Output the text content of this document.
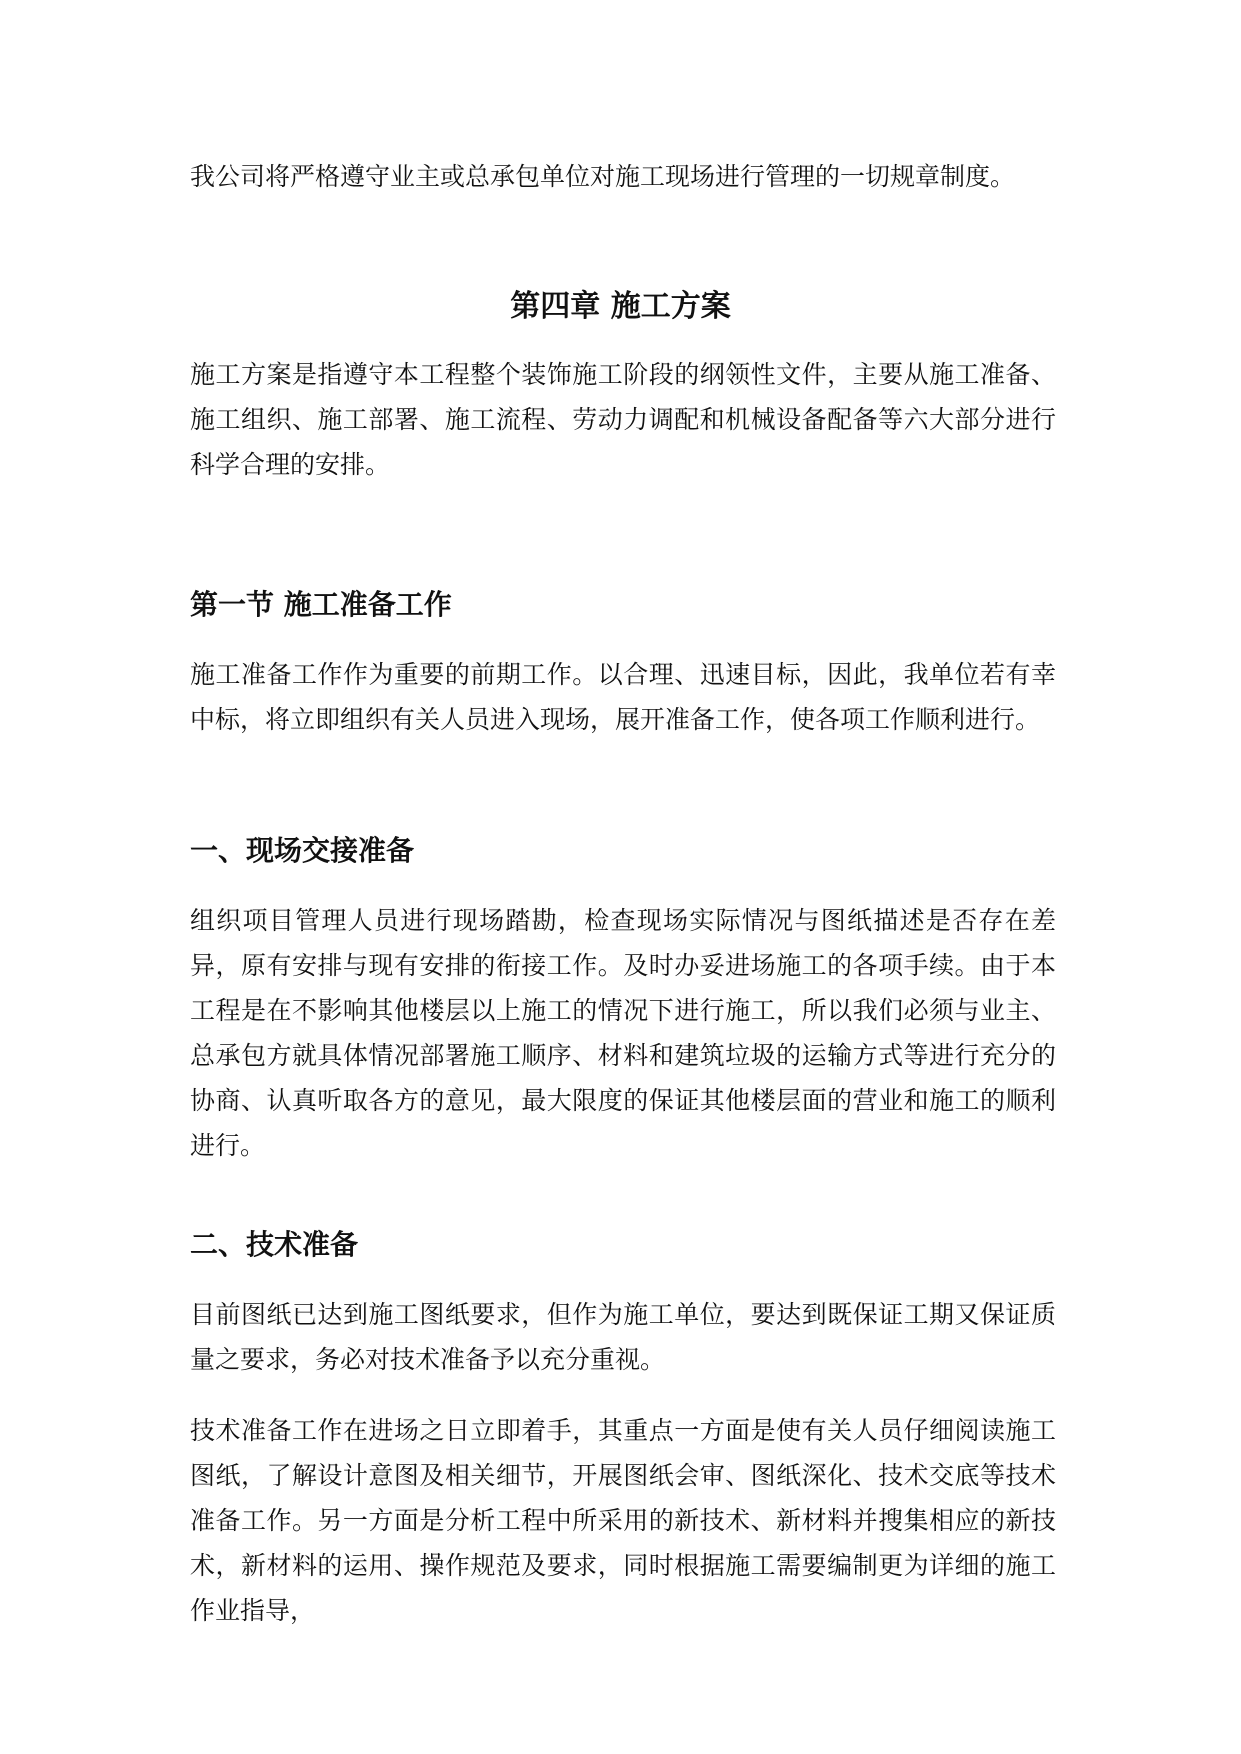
我公司将严格遵守业主或总承包单位对施工现场进行管理的一切规章制度。

第四章 施工方案

施工方案是指遵守本工程整个装饰施工阶段的纲领性文件，主要从施工准备、施工组织、施工部署、施工流程、劳动力调配和机械设备配备等六大部分进行科学合理的安排。

第一节 施工准备工作

施工准备工作作为重要的前期工作。以合理、迅速目标，因此，我单位若有幸中标，将立即组织有关人员进入现场，展开准备工作，使各项工作顺利进行。

一、现场交接准备

组织项目管理人员进行现场踏勘，检查现场实际情况与图纸描述是否存在差异，原有安排与现有安排的衔接工作。及时办妥进场施工的各项手续。由于本工程是在不影响其他楼层以上施工的情况下进行施工，所以我们必须与业主、总承包方就具体情况部署施工顺序、材料和建筑垃圾的运输方式等进行充分的协商、认真听取各方的意见，最大限度的保证其他楼层面的营业和施工的顺利进行。

二、技术准备

目前图纸已达到施工图纸要求，但作为施工单位，要达到既保证工期又保证质量之要求，务必对技术准备予以充分重视。

技术准备工作在进场之日立即着手，其重点一方面是使有关人员仔细阅读施工图纸，了解设计意图及相关细节，开展图纸会审、图纸深化、技术交底等技术准备工作。另一方面是分析工程中所采用的新技术、新材料并搜集相应的新技术，新材料的运用、操作规范及要求，同时根据施工需要编制更为详细的施工作业指导，
